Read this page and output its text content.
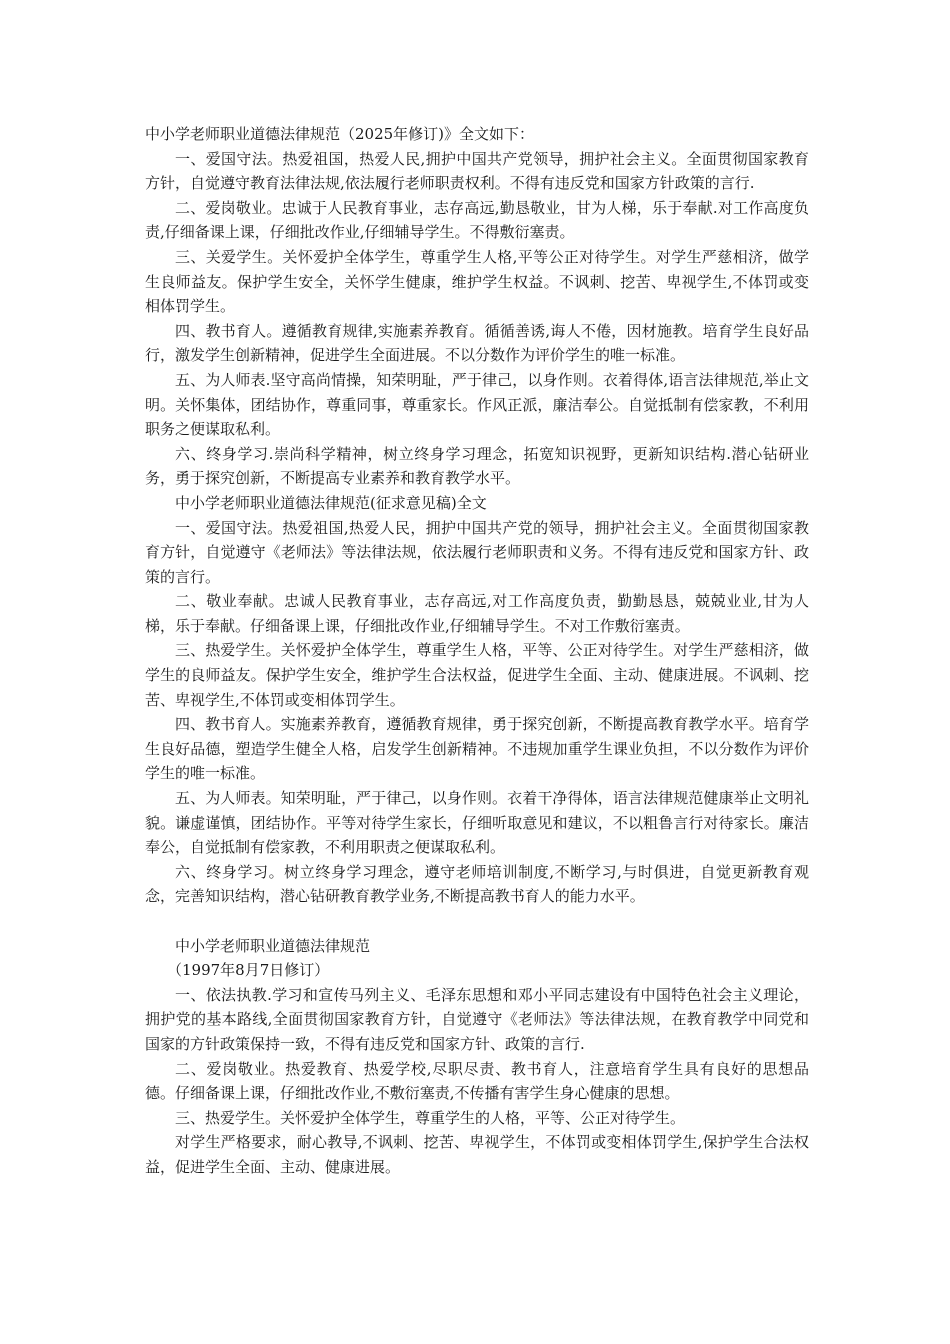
中小学老师职业道德法律规范（2025年修订)》全文如下：

一、爱国守法。热爱祖国，热爱人民,拥护中国共产党领导，拥护社会主义。全面贯彻国家教育方针，自觉遵守教育法律法规,依法履行老师职责权利。不得有违反党和国家方针政策的言行.

二、爱岗敬业。忠诚于人民教育事业，志存高远,勤恳敬业，甘为人梯，乐于奉献.对工作高度负责,仔细备课上课，仔细批改作业,仔细辅导学生。不得敷衍塞责。

三、关爱学生。关怀爱护全体学生，尊重学生人格,平等公正对待学生。对学生严慈相济，做学生良师益友。保护学生安全，关怀学生健康，维护学生权益。不讽刺、挖苦、卑视学生,不体罚或变相体罚学生。

四、教书育人。遵循教育规律,实施素养教育。循循善诱,诲人不倦，因材施教。培育学生良好品行，激发学生创新精神，促进学生全面进展。不以分数作为评价学生的唯一标准。

五、为人师表.坚守高尚情操，知荣明耻，严于律己，以身作则。衣着得体,语言法律规范,举止文明。关怀集体，团结协作，尊重同事，尊重家长。作风正派，廉洁奉公。自觉抵制有偿家教，不利用职务之便谋取私利。

六、终身学习.崇尚科学精神，树立终身学习理念，拓宽知识视野，更新知识结构.潜心钻研业务，勇于探究创新，不断提高专业素养和教育教学水平。

中小学老师职业道德法律规范(征求意见稿)全文

一、爱国守法。热爱祖国,热爱人民，拥护中国共产党的领导，拥护社会主义。全面贯彻国家教育方针，自觉遵守《老师法》等法律法规，依法履行老师职责和义务。不得有违反党和国家方针、政策的言行。

二、敬业奉献。忠诚人民教育事业，志存高远,对工作高度负责，勤勤恳恳，兢兢业业,甘为人梯，乐于奉献。仔细备课上课，仔细批改作业,仔细辅导学生。不对工作敷衍塞责。

三、热爱学生。关怀爱护全体学生，尊重学生人格，平等、公正对待学生。对学生严慈相济，做学生的良师益友。保护学生安全，维护学生合法权益，促进学生全面、主动、健康进展。不讽刺、挖苦、卑视学生,不体罚或变相体罚学生。

四、教书育人。实施素养教育，遵循教育规律，勇于探究创新，不断提高教育教学水平。培育学生良好品德，塑造学生健全人格，启发学生创新精神。不违规加重学生课业负担，不以分数作为评价学生的唯一标准。

五、为人师表。知荣明耻，严于律己，以身作则。衣着干净得体，语言法律规范健康举止文明礼貌。谦虚谨慎，团结协作。平等对待学生家长，仔细听取意见和建议，不以粗鲁言行对待家长。廉洁奉公，自觉抵制有偿家教，不利用职责之便谋取私利。

六、终身学习。树立终身学习理念，遵守老师培训制度,不断学习,与时俱进，自觉更新教育观念，完善知识结构，潜心钻研教育教学业务,不断提高教书育人的能力水平。

中小学老师职业道德法律规范

（1997年8月7日修订）

一、依法执教.学习和宣传马列主义、毛泽东思想和邓小平同志建设有中国特色社会主义理论，拥护党的基本路线,全面贯彻国家教育方针，自觉遵守《老师法》等法律法规，在教育教学中同党和国家的方针政策保持一致，不得有违反党和国家方针、政策的言行.

二、爱岗敬业。热爱教育、热爱学校,尽职尽责、教书育人，注意培育学生具有良好的思想品德。仔细备课上课，仔细批改作业,不敷衍塞责,不传播有害学生身心健康的思想。

三、热爱学生。关怀爱护全体学生，尊重学生的人格，平等、公正对待学生。

对学生严格要求，耐心教导,不讽刺、挖苦、卑视学生，不体罚或变相体罚学生,保护学生合法权益，促进学生全面、主动、健康进展。
